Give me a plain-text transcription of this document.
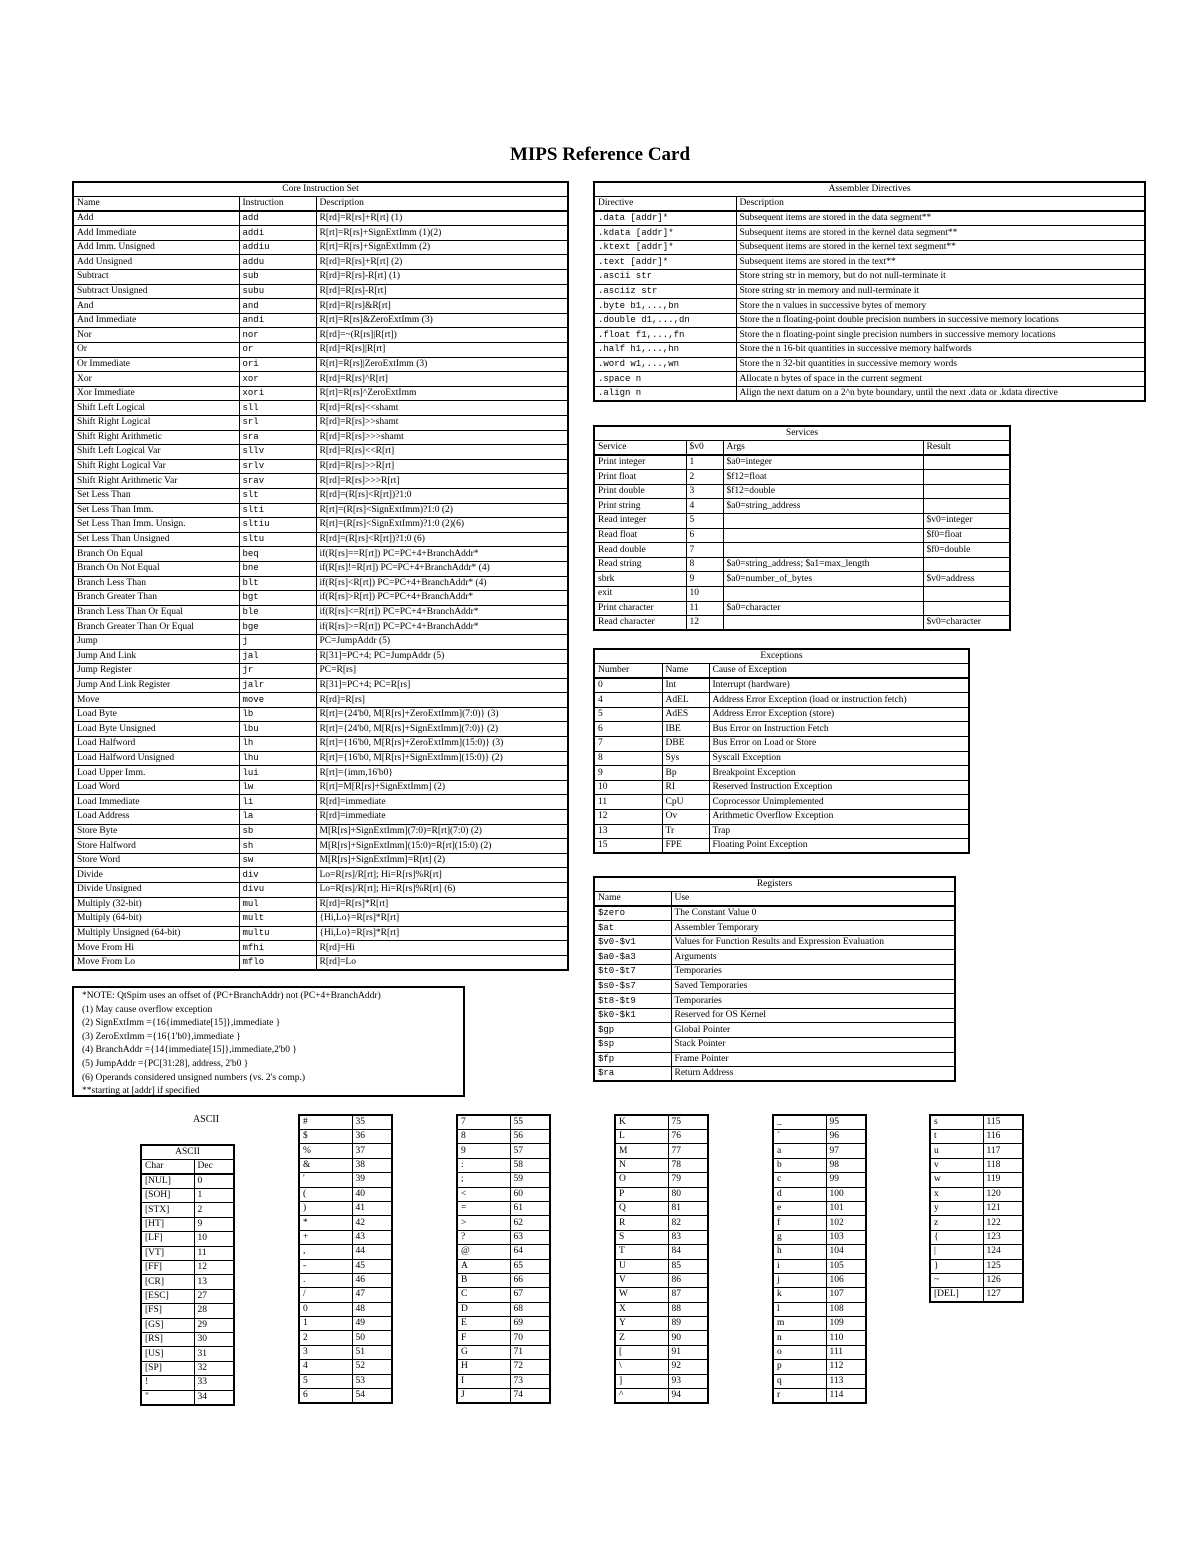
MIPS Reference Card
Core Instruction Set		
Name	Instruction	Description
Add	add	R[rd]=R[rs]+R[rt] (1)
Add Immediate	addi	R[rt]=R[rs]+SignExtImm (1)(2)
Add Imm. Unsigned	addiu	R[rt]=R[rs]+SignExtImm (2)
Add Unsigned	addu	R[rd]=R[rs]+R[rt] (2)
Subtract	sub	R[rd]=R[rs]-R[rt] (1)
Subtract Unsigned	subu	R[rd]=R[rs]-R[rt]
And	and	R[rd]=R[rs]&R[rt]
And Immediate	andi	R[rt]=R[rs]&ZeroExtImm (3)
Nor	nor	R[rd]=~(R[rs]|R[rt])
Or	or	R[rd]=R[rs]|R[rt]
Or Immediate	ori	R[rt]=R[rs]|ZeroExtImm (3)
Xor	xor	R[rd]=R[rs]^R[rt]
Xor Immediate	xori	R[rt]=R[rs]^ZeroExtImm
Shift Left Logical	sll	R[rd]=R[rs]<<shamt
Shift Right Logical	srl	R[rd]=R[rs]>>shamt
Shift Right Arithmetic	sra	R[rd]=R[rs]>>>shamt
Shift Left Logical Var	sllv	R[rd]=R[rs]<<R[rt]
Shift Right Logical Var	srlv	R[rd]=R[rs]>>R[rt]
Shift Right Arithmetic Var	srav	R[rd]=R[rs]>>>R[rt]
Set Less Than	slt	R[rd]=(R[rs]<R[rt])?1:0
Set Less Than Imm.	slti	R[rt]=(R[rs]<SignExtImm)?1:0 (2)
Set Less Than Imm. Unsign.	sltiu	R[rt]=(R[rs]<SignExtImm)?1:0 (2)(6)
Set Less Than Unsigned	sltu	R[rd]=(R[rs]<R[rt])?1:0 (6)
Branch On Equal	beq	if(R[rs]==R[rt]) PC=PC+4+BranchAddr*
Branch On Not Equal	bne	if(R[rs]!=R[rt]) PC=PC+4+BranchAddr* (4)
Branch Less Than	blt	if(R[rs]<R[rt]) PC=PC+4+BranchAddr* (4)
Branch Greater Than	bgt	if(R[rs]>R[rt]) PC=PC+4+BranchAddr*
Branch Less Than Or Equal	ble	if(R[rs]<=R[rt]) PC=PC+4+BranchAddr*
Branch Greater Than Or Equal	bge	if(R[rs]>=R[rt]) PC=PC+4+BranchAddr*
Jump	j	PC=JumpAddr (5)
Jump And Link	jal	R[31]=PC+4; PC=JumpAddr (5)
Jump Register	jr	PC=R[rs]
Jump And Link Register	jalr	R[31]=PC+4; PC=R[rs]
Move	move	R[rd]=R[rs]
Load Byte	lb	R[rt]={24'b0, M[R[rs]+ZeroExtImm](7:0)} (3)
Load Byte Unsigned	lbu	R[rt]={24'b0, M[R[rs]+SignExtImm](7:0)} (2)
Load Halfword	lh	R[rt]={16'b0, M[R[rs]+ZeroExtImm](15:0)} (3)
Load Halfword Unsigned	lhu	R[rt]={16'b0, M[R[rs]+SignExtImm](15:0)} (2)
Load Upper Imm.	lui	R[rt]={imm,16'b0}
Load Word	lw	R[rt]=M[R[rs]+SignExtImm] (2)
Load Immediate	li	R[rd]=immediate
Load Address	la	R[rd]=immediate
Store Byte	sb	M[R[rs]+SignExtImm](7:0)=R[rt](7:0) (2)
Store Halfword	sh	M[R[rs]+SignExtImm](15:0)=R[rt](15:0) (2)
Store Word	sw	M[R[rs]+SignExtImm]=R[rt] (2)
Divide	div	Lo=R[rs]/R[rt]; Hi=R[rs]%R[rt]
Divide Unsigned	divu	Lo=R[rs]/R[rt]; Hi=R[rs]%R[rt] (6)
Multiply (32-bit)	mul	R[rd]=R[rs]*R[rt]
Multiply (64-bit)	mult	{Hi,Lo}=R[rs]*R[rt]
Multiply Unsigned (64-bit)	multu	{Hi,Lo}=R[rs]*R[rt]
Move From Hi	mfhi	R[rd]=Hi
Move From Lo	mflo	R[rd]=Lo
*NOTE: QtSpim uses an offset of (PC+BranchAddr) not (PC+4+BranchAddr)
(1) May cause overflow exception
(2) SignExtImm ={16{immediate[15]},immediate }
(3) ZeroExtImm ={16{1'b0},immediate }
(4) BranchAddr ={14{immediate[15]},immediate,2'b0 }
(5) JumpAddr ={PC[31:28], address, 2'b0 }
(6) Operands considered unsigned numbers (vs. 2's comp.)
**starting at [addr] if specified
Assembler Directives	
Directive	Description
.data [addr]*	Subsequent items are stored in the data segment**
.kdata [addr]*	Subsequent items are stored in the kernel data segment**
.ktext [addr]*	Subsequent items are stored in the kernel text segment**
.text [addr]*	Subsequent items are stored in the text**
.ascii str	Store string str in memory, but do not null-terminate it
.asciiz str	Store string str in memory and null-terminate it
.byte b1,...,bn	Store the n values in successive bytes of memory
.double d1,...,dn	Store the n floating-point double precision numbers in successive memory locations
.float f1,...,fn	Store the n floating-point single precision numbers in successive memory locations
.half h1,...,hn	Store the n 16-bit quantities in successive memory halfwords
.word w1,...,wn	Store the n 32-bit quantities in successive memory words
.space n	Allocate n bytes of space in the current segment
.align n	Align the next datum on a 2^n byte boundary, until the next .data or .kdata directive
Services			
Service	$v0	Args	Result
Print integer	1	$a0=integer	
Print float	2	$f12=float	
Print double	3	$f12=double	
Print string	4	$a0=string_address	
Read integer	5		$v0=integer
Read float	6		$f0=float
Read double	7		$f0=double
Read string	8	$a0=string_address; $a1=max_length	
sbrk	9	$a0=number_of_bytes	$v0=address
exit	10		
Print character	11	$a0=character	
Read character	12		$v0=character
Exceptions		
Number	Name	Cause of Exception
0	Int	Interrupt (hardware)
4	AdEL	Address Error Exception (load or instruction fetch)
5	AdES	Address Error Exception (store)
6	IBE	Bus Error on Instruction Fetch
7	DBE	Bus Error on Load or Store
8	Sys	Syscall Exception
9	Bp	Breakpoint Exception
10	RI	Reserved Instruction Exception
11	CpU	Coprocessor Unimplemented
12	Ov	Arithmetic Overflow Exception
13	Tr	Trap
15	FPE	Floating Point Exception
Registers	
Name	Use
$zero	The Constant Value 0
$at	Assembler Temporary
$v0-$v1	Values for Function Results and Expression Evaluation
$a0-$a3	Arguments
$t0-$t7	Temporaries
$s0-$s7	Saved Temporaries
$t8-$t9	Temporaries
$k0-$k1	Reserved for OS Kernel
$gp	Global Pointer
$sp	Stack Pointer
$fp	Frame Pointer
$ra	Return Address
ASCII
ASCII	
Char	Dec
[NUL]	0
[SOH]	1
[STX]	2
[HT]	9
[LF]	10
[VT]	11
[FF]	12
[CR]	13
[ESC]	27
[FS]	28
[GS]	29
[RS]	30
[US]	31
[SP]	32
!	33
"	34
#	35
$	36
%	37
&	38
'	39
(	40
)	41
*	42
+	43
,	44
-	45
.	46
/	47
0	48
1	49
2	50
3	51
4	52
5	53
6	54
7	55
8	56
9	57
:	58
;	59
<	60
=	61
>	62
?	63
@	64
A	65
B	66
C	67
D	68
E	69
F	70
G	71
H	72
I	73
J	74
K	75
L	76
M	77
N	78
O	79
P	80
Q	81
R	82
S	83
T	84
U	85
V	86
W	87
X	88
Y	89
Z	90
[	91
\	92
]	93
^	94
_	95
`	96
a	97
b	98
c	99
d	100
e	101
f	102
g	103
h	104
i	105
j	106
k	107
l	108
m	109
n	110
o	111
p	112
q	113
r	114
s	115
t	116
u	117
v	118
w	119
x	120
y	121
z	122
{	123
|	124
}	125
~	126
[DEL]	127
